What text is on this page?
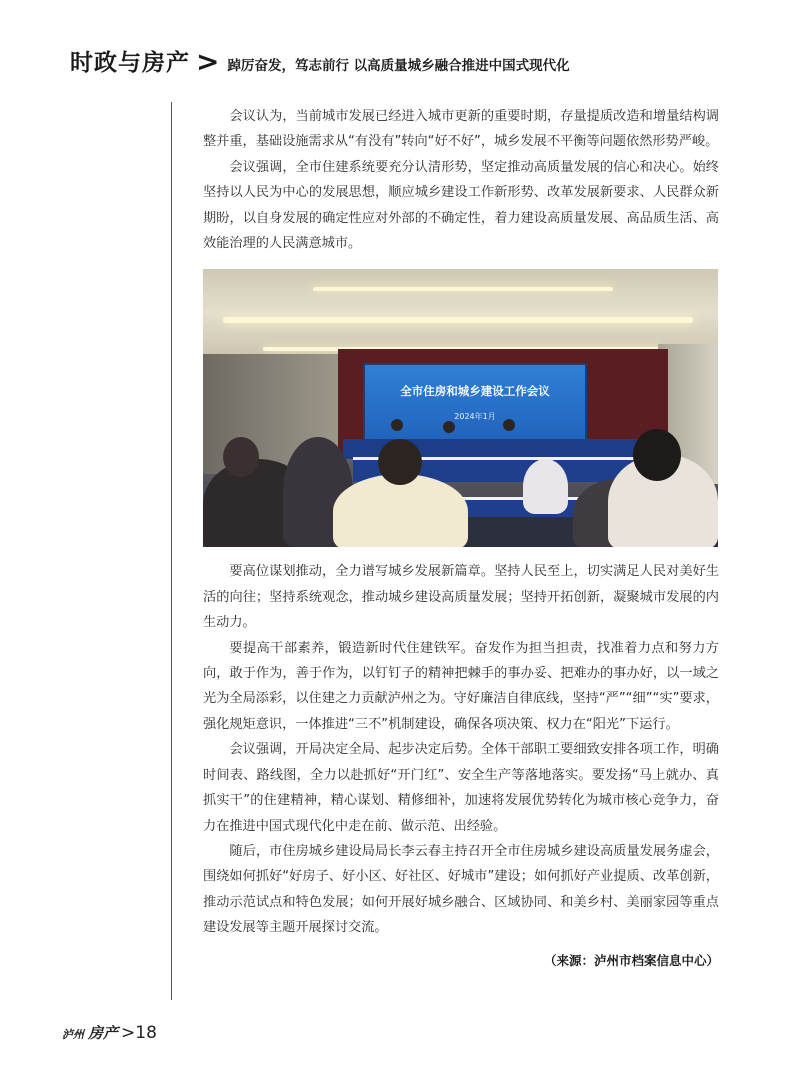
时政与房产 > 踔厉奋发，笃志前行 以高质量城乡融合推进中国式现代化

会议认为，当前城市发展已经进入城市更新的重要时期，存量提质改造和增量结构调整并重，基础设施需求从“有没有”转向“好不好”，城乡发展不平衡等问题依然形势严峻。

会议强调，全市住建系统要充分认清形势，坚定推动高质量发展的信心和决心。始终坚持以人民为中心的发展思想，顺应城乡建设工作新形势、改革发展新要求、人民群众新期盼，以自身发展的确定性应对外部的不确定性，着力建设高质量发展、高品质生活、高效能治理的人民满意城市。

全市住房和城乡建设工作会议
2024年1月

要高位谋划推动，全力谱写城乡发展新篇章。坚持人民至上，切实满足人民对美好生活的向往；坚持系统观念，推动城乡建设高质量发展；坚持开拓创新，凝聚城市发展的内生动力。

要提高干部素养，锻造新时代住建铁军。奋发作为担当担责，找准着力点和努力方向，敢于作为，善于作为，以钉钉子的精神把棘手的事办妥、把难办的事办好，以一域之光为全局添彩，以住建之力贡献泸州之为。守好廉洁自律底线，坚持“严”“细”“实”要求，强化规矩意识，一体推进“三不”机制建设，确保各项决策、权力在“阳光”下运行。

会议强调，开局决定全局、起步决定后势。全体干部职工要细致安排各项工作，明确时间表、路线图，全力以赴抓好“开门红”、安全生产等落地落实。要发扬“马上就办、真抓实干”的住建精神，精心谋划、精修细补，加速将发展优势转化为城市核心竞争力，奋力在推进中国式现代化中走在前、做示范、出经验。

随后，市住房城乡建设局局长李云春主持召开全市住房城乡建设高质量发展务虚会，围绕如何抓好“好房子、好小区、好社区、好城市”建设；如何抓好产业提质、改革创新，推动示范试点和特色发展；如何开展好城乡融合、区域协同、和美乡村、美丽家园等重点建设发展等主题开展探讨交流。

（来源：泸州市档案信息中心）
泸州 房产 >18
